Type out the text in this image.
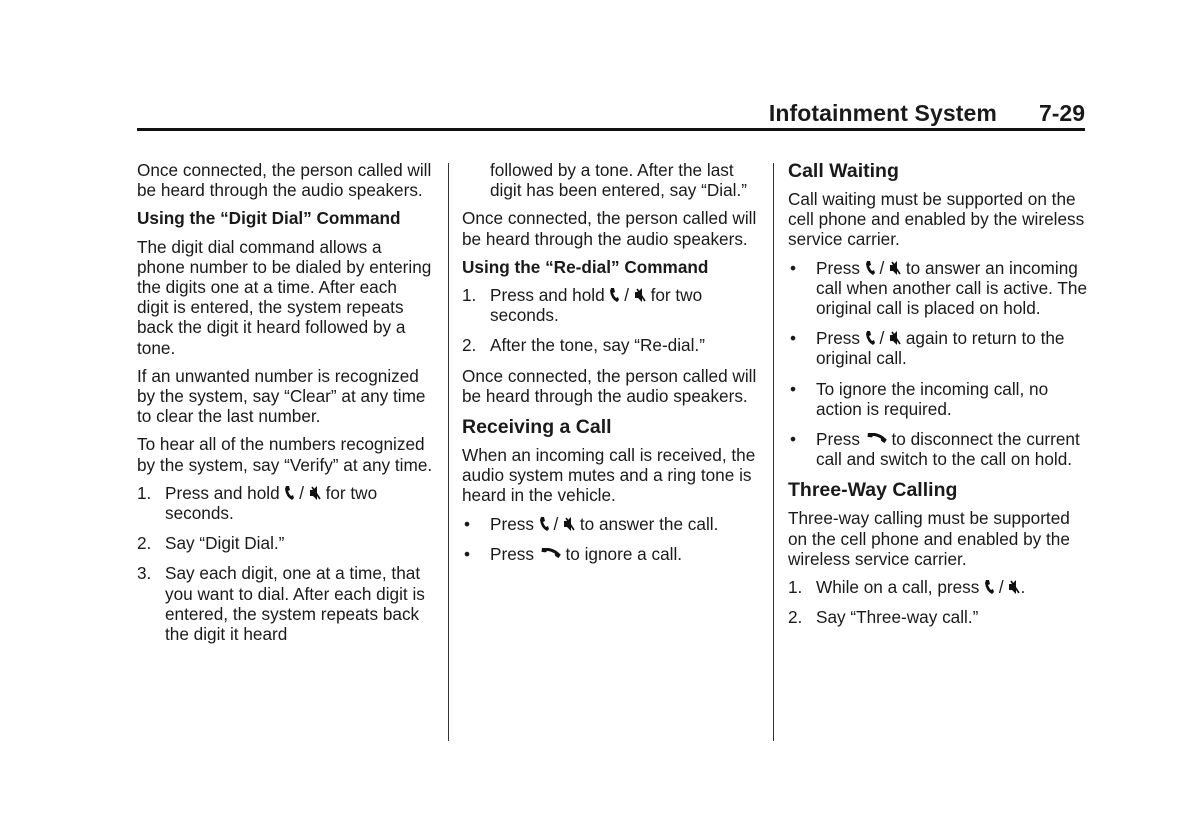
Infotainment System 7-29

Once connected, the person called will be heard through the audio speakers.

Using the “Digit Dial” Command

The digit dial command allows a phone number to be dialed by entering the digits one at a time. After each digit is entered, the system repeats back the digit it heard followed by a tone.

If an unwanted number is recognized by the system, say “Clear” at any time to clear the last number.

To hear all of the numbers recognized by the system, say “Verify” at any time.

1. Press and hold / for two seconds.
2. Say “Digit Dial.”
3. Say each digit, one at a time, that you want to dial. After each digit is entered, the system repeats back the digit it heard

followed by a tone. After the last digit has been entered, say “Dial.”

Once connected, the person called will be heard through the audio speakers.

Using the “Re-dial” Command
1. Press and hold / for two seconds.
2. After the tone, say “Re-dial.”

Once connected, the person called will be heard through the audio speakers.

Receiving a Call

When an incoming call is received, the audio system mutes and a ring tone is heard in the vehicle.

•	Press / to answer the call.
•	Press to ignore a call.
Call Waiting

Call waiting must be supported on the cell phone and enabled by the wireless service carrier.

•	Press / to answer an incoming call when another call is active. The original call is placed on hold.
•	Press / again to return to the original call.
•	To ignore the incoming call, no action is required.
•	Press to disconnect the current call and switch to the call on hold.
Three-Way Calling

Three-way calling must be supported on the cell phone and enabled by the wireless service carrier.

1. While on a call, press / .
2. Say “Three-way call.”
